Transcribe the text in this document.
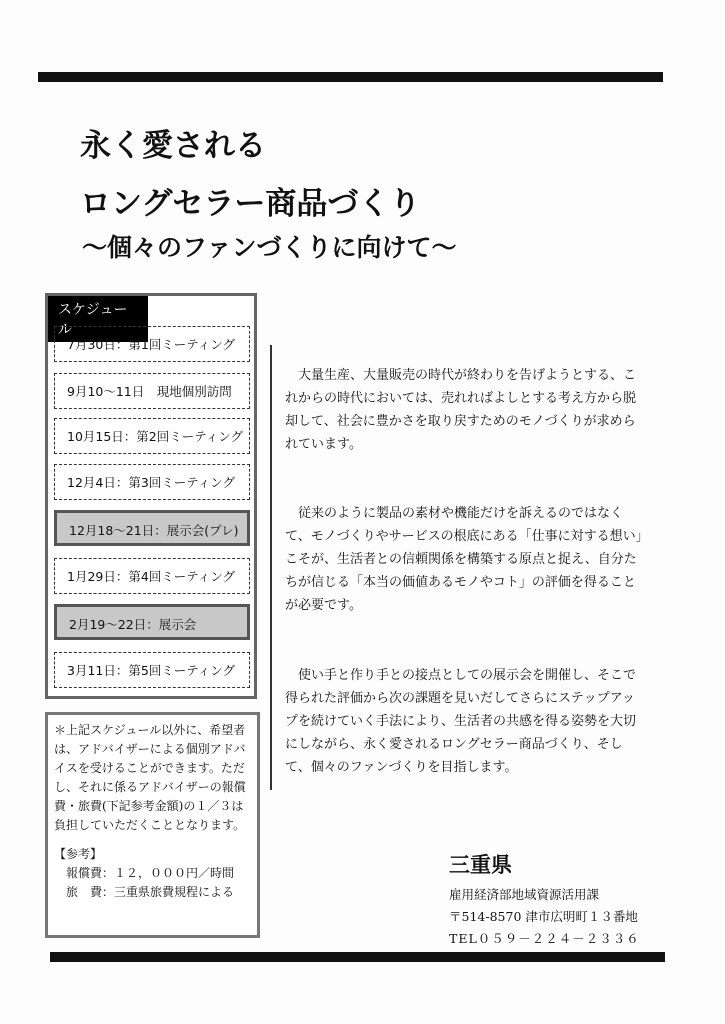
永く愛される
ロングセラー商品づくり
～個々のファンづくりに向けて～
スケジュール
7月30日：第1回ミーティング
9月10～11日　現地個別訪問
10月15日：第2回ミーティング
12月4日：第3回ミーティング
12月18～21日：展示会(プレ)
1月29日：第4回ミーティング
2月19～22日：展示会
3月11日：第5回ミーティング
＊上記スケジュール以外に、希望者は、アドバイザーによる個別アドバイスを受けることができます。ただし、それに係るアドバイザーの報償費・旅費(下記参考金額)の１／３は負担していただくこととなります。
【参考】
報償費：１２，０００円／時間
旅　費：三重県旅費規程による
大量生産、大量販売の時代が終わりを告げようとする、これからの時代においては、売れればよしとする考え方から脱却して、社会に豊かさを取り戻すためのモノづくりが求められています。
従来のように製品の素材や機能だけを訴えるのではなくて、モノづくりやサービスの根底にある「仕事に対する想い」こそが、生活者との信頼関係を構築する原点と捉え、自分たちが信じる「本当の価値あるモノやコト」の評価を得ることが必要です。
使い手と作り手との接点としての展示会を開催し、そこで得られた評価から次の課題を見いだしてさらにステップアップを続けていく手法により、生活者の共感を得る姿勢を大切にしながら、永く愛されるロングセラー商品づくり、そして、個々のファンづくりを目指します。
三重県
雇用経済部地域資源活用課
〒514-8570 津市広明町１３番地
TEL０５９－２２４－２３３６
